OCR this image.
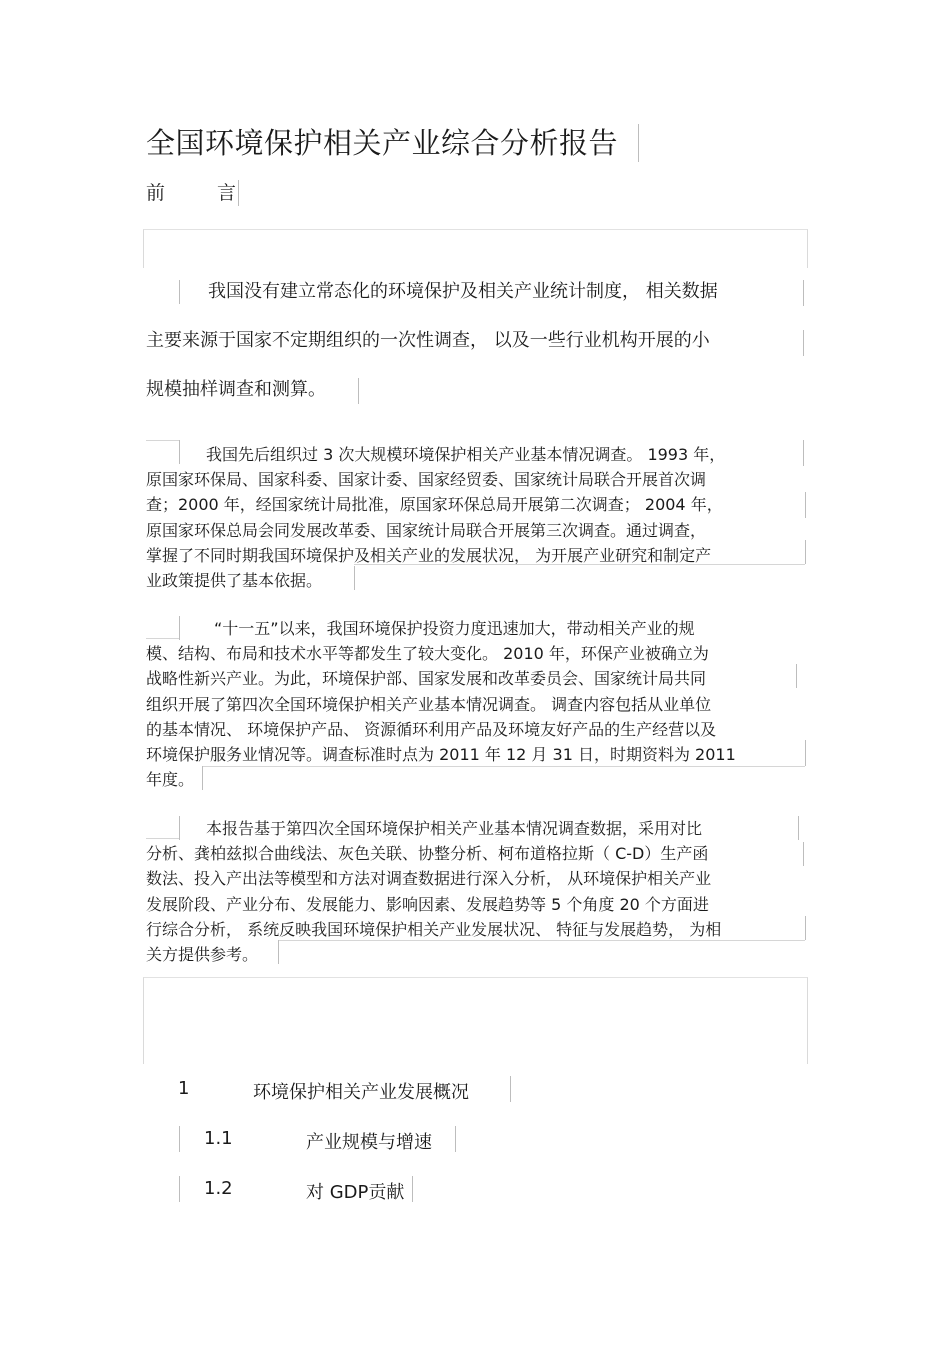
全国环境保护相关产业综合分析报告
前	言
我国没有建立常态化的环境保护及相关产业统计制度， 相关数据
主要来源于国家不定期组织的一次性调查， 以及一些行业机构开展的小
规模抽样调查和测算。
我国先后组织过 3 次大规模环境保护相关产业基本情况调查。 1993 年，
原国家环保局、国家科委、国家计委、国家经贸委、国家统计局联合开展首次调
查；2000 年，经国家统计局批准，原国家环保总局开展第二次调查； 2004 年，
原国家环保总局会同发展改革委、国家统计局联合开展第三次调查。通过调查，
掌握了不同时期我国环境保护及相关产业的发展状况， 为开展产业研究和制定产
业政策提供了基本依据。
“十一五”以来，我国环境保护投资力度迅速加大，带动相关产业的规
模、结构、布局和技术水平等都发生了较大变化。 2010 年，环保产业被确立为
战略性新兴产业。为此，环境保护部、国家发展和改革委员会、国家统计局共同
组织开展了第四次全国环境保护相关产业基本情况调查。 调查内容包括从业单位
的基本情况、 环境保护产品、 资源循环利用产品及环境友好产品的生产经营以及
环境保护服务业情况等。调查标准时点为 2011 年 12 月 31 日，时期资料为 2011
年度。
本报告基于第四次全国环境保护相关产业基本情况调查数据，采用对比
分析、龚柏兹拟合曲线法、灰色关联、协整分析、柯布道格拉斯（ C-D）生产函
数法、投入产出法等模型和方法对调查数据进行深入分析， 从环境保护相关产业
发展阶段、产业分布、发展能力、影响因素、发展趋势等 5 个角度 20 个方面进
行综合分析， 系统反映我国环境保护相关产业发展状况、 特征与发展趋势， 为相
关方提供参考。
1	环境保护相关产业发展概况
1.1	产业规模与增速
1.2	对 GDP贡献
